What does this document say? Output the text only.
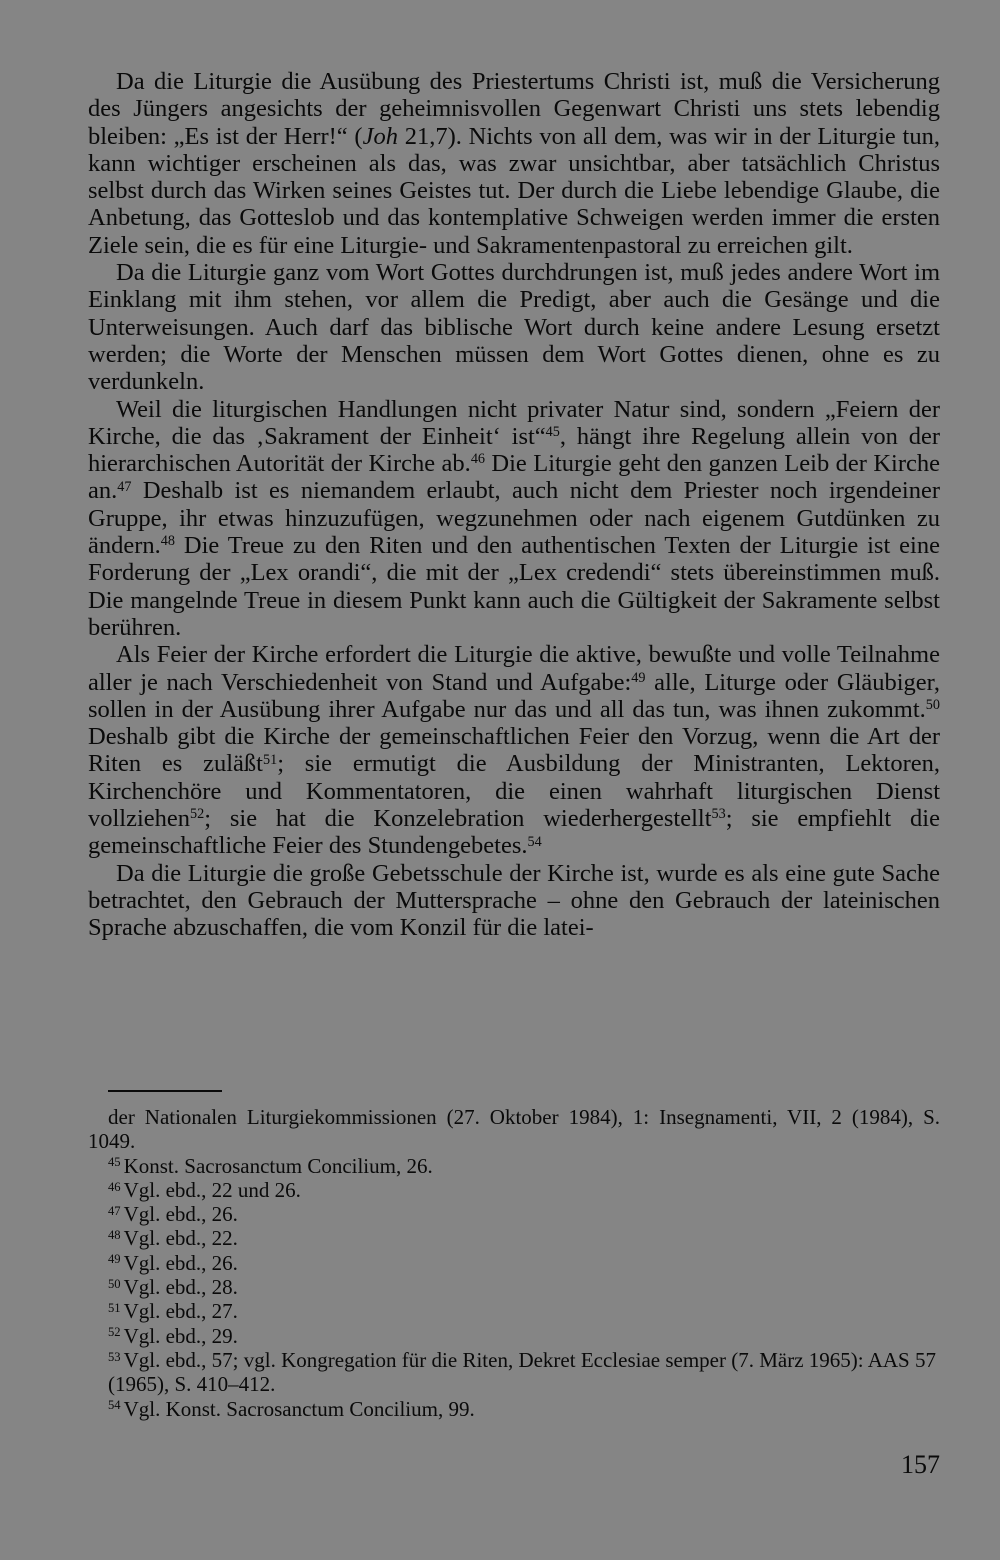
Da die Liturgie die Ausübung des Priestertums Christi ist, muß die Versicherung des Jüngers angesichts der geheimnisvollen Gegenwart Christi uns stets lebendig bleiben: „Es ist der Herr!“ (Joh 21,7). Nichts von all dem, was wir in der Liturgie tun, kann wichtiger erscheinen als das, was zwar unsichtbar, aber tatsächlich Christus selbst durch das Wirken seines Geistes tut. Der durch die Liebe lebendige Glaube, die Anbetung, das Gotteslob und das kontemplative Schweigen werden immer die ersten Ziele sein, die es für eine Liturgie- und Sakramentenpastoral zu erreichen gilt.

Da die Liturgie ganz vom Wort Gottes durchdrungen ist, muß jedes andere Wort im Einklang mit ihm stehen, vor allem die Predigt, aber auch die Gesänge und die Unterweisungen. Auch darf das biblische Wort durch keine andere Lesung ersetzt werden; die Worte der Menschen müssen dem Wort Gottes dienen, ohne es zu verdunkeln.

Weil die liturgischen Handlungen nicht privater Natur sind, sondern „Feiern der Kirche, die das ‚Sakrament der Einheit‘ ist“$^{45}$, hängt ihre Regelung allein von der hierarchischen Autorität der Kirche ab.$^{46}$ Die Liturgie geht den ganzen Leib der Kirche an.$^{47}$ Deshalb ist es niemandem erlaubt, auch nicht dem Priester noch irgendeiner Gruppe, ihr etwas hinzuzufügen, wegzunehmen oder nach eigenem Gutdünken zu ändern.$^{48}$ Die Treue zu den Riten und den authentischen Texten der Liturgie ist eine Forderung der „Lex orandi“, die mit der „Lex credendi“ stets übereinstimmen muß. Die mangelnde Treue in diesem Punkt kann auch die Gültigkeit der Sakramente selbst berühren.

Als Feier der Kirche erfordert die Liturgie die aktive, bewußte und volle Teilnahme aller je nach Verschiedenheit von Stand und Aufgabe:$^{49}$ alle, Liturge oder Gläubiger, sollen in der Ausübung ihrer Aufgabe nur das und all das tun, was ihnen zukommt.$^{50}$ Deshalb gibt die Kirche der gemeinschaftlichen Feier den Vorzug, wenn die Art der Riten es zuläßt$^{51}$; sie ermutigt die Ausbildung der Ministranten, Lektoren, Kirchenchöre und Kommentatoren, die einen wahrhaft liturgischen Dienst vollziehen$^{52}$; sie hat die Konzelebration wiederhergestellt$^{53}$; sie empfiehlt die gemeinschaftliche Feier des Stundengebetes.$^{54}$

Da die Liturgie die große Gebetsschule der Kirche ist, wurde es als eine gute Sache betrachtet, den Gebrauch der Muttersprache – ohne den Gebrauch der lateinischen Sprache abzuschaffen, die vom Konzil für die latei-

der Nationalen Liturgiekommissionen (27. Oktober 1984), 1: Insegnamenti, VII, 2 (1984), S. 1049.
$^{45}$ Konst. Sacrosanctum Concilium, 26.
$^{46}$ Vgl. ebd., 22 und 26.
$^{47}$ Vgl. ebd., 26.
$^{48}$ Vgl. ebd., 22.
$^{49}$ Vgl. ebd., 26.
$^{50}$ Vgl. ebd., 28.
$^{51}$ Vgl. ebd., 27.
$^{52}$ Vgl. ebd., 29.
$^{53}$ Vgl. ebd., 57; vgl. Kongregation für die Riten, Dekret Ecclesiae semper (7. März 1965): AAS 57 (1965), S. 410–412.
$^{54}$ Vgl. Konst. Sacrosanctum Concilium, 99.
157
